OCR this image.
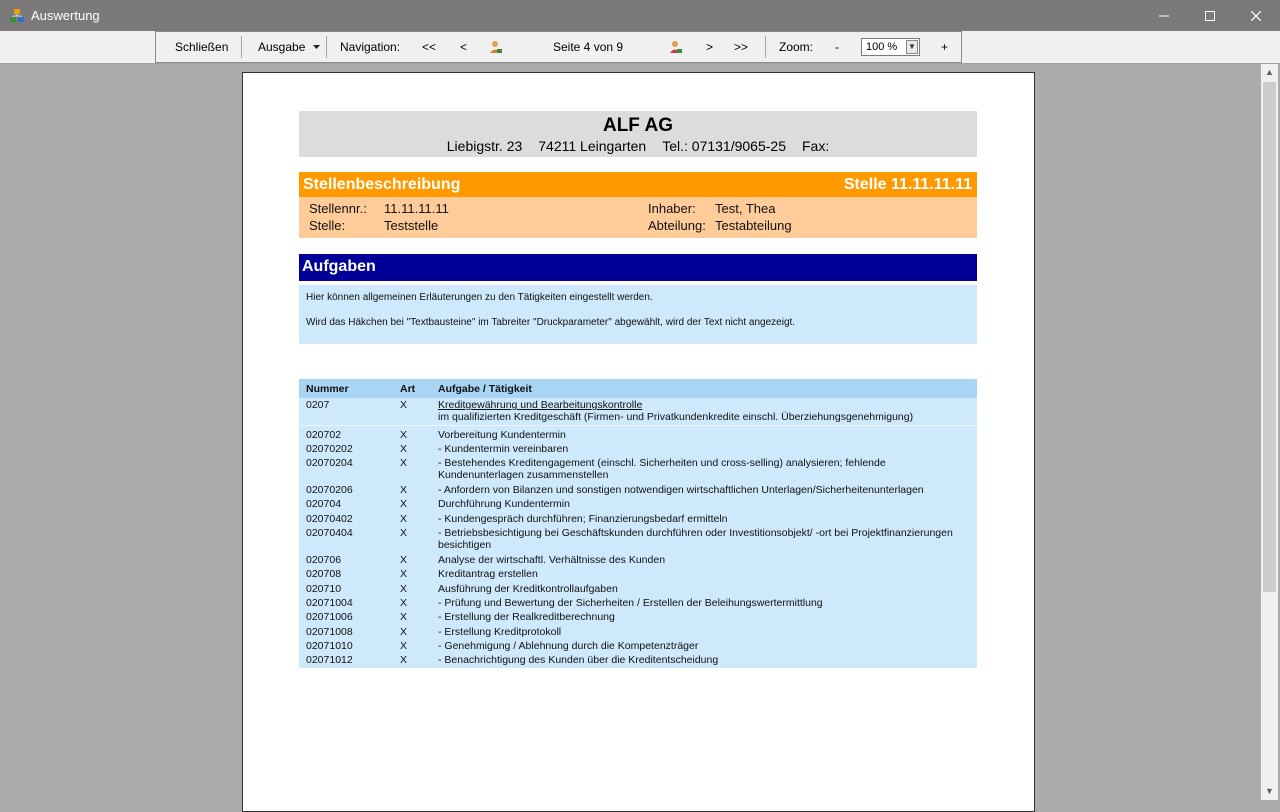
Auswertung
Schließen Ausgabe	Navigation: << <	Seite 4 von 9	> >>	Zoom: -	100 % ▼ +
▲
▼
ALF AG
Liebigstr. 23 74211 Leingarten Tel.: 07131/9065-25 Fax:
Stellenbeschreibung	Stelle 11.11.11.11
Stellennr.: 11.11.11.11
Stelle:	Teststelle
Inhaber: Test, Thea
Abteilung: Testabteilung
Aufgaben
Hier können allgemeinen Erläuterungen zu den Tätigkeiten eingestellt werden.
Wird das Häkchen bei "Textbausteine" im Tabreiter "Druckparameter" abgewählt, wird der Text nicht angezeigt.
Nummer	Art Aufgabe / Tätigkeit
0207	X	Kreditgewährung und Bearbeitungskontrolle
im qualifizierten Kreditgeschäft (Firmen- und Privatkundenkredite einschl. Überziehungsgenehmigung)
020702	X	Vorbereitung Kundentermin
02070202	X	- Kundentermin vereinbaren
02070204	X	- Bestehendes Kreditengagement (einschl. Sicherheiten und cross-selling) analysieren; fehlende Kundenunterlagen zusammenstellen
02070206	X	- Anfordern von Bilanzen und sonstigen notwendigen wirtschaftlichen Unterlagen/Sicherheitenunterlagen
020704	X	Durchführung Kundentermin
02070402	X	- Kundengespräch durchführen; Finanzierungsbedarf ermitteln
02070404	X	- Betriebsbesichtigung bei Geschäftskunden durchführen oder Investitionsobjekt/ -ort bei Projektfinanzierungen besichtigen
020706	X	Analyse der wirtschaftl. Verhältnisse des Kunden
020708	X	Kreditantrag erstellen
020710	X	Ausführung der Kreditkontrollaufgaben
02071004	X	- Prüfung und Bewertung der Sicherheiten / Erstellen der Beleihungswertermittlung
02071006	X	- Erstellung der Realkreditberechnung
02071008	X	- Erstellung Kreditprotokoll
02071010	X	- Genehmigung / Ablehnung durch die Kompetenzträger
02071012	X	- Benachrichtigung des Kunden über die Kreditentscheidung
